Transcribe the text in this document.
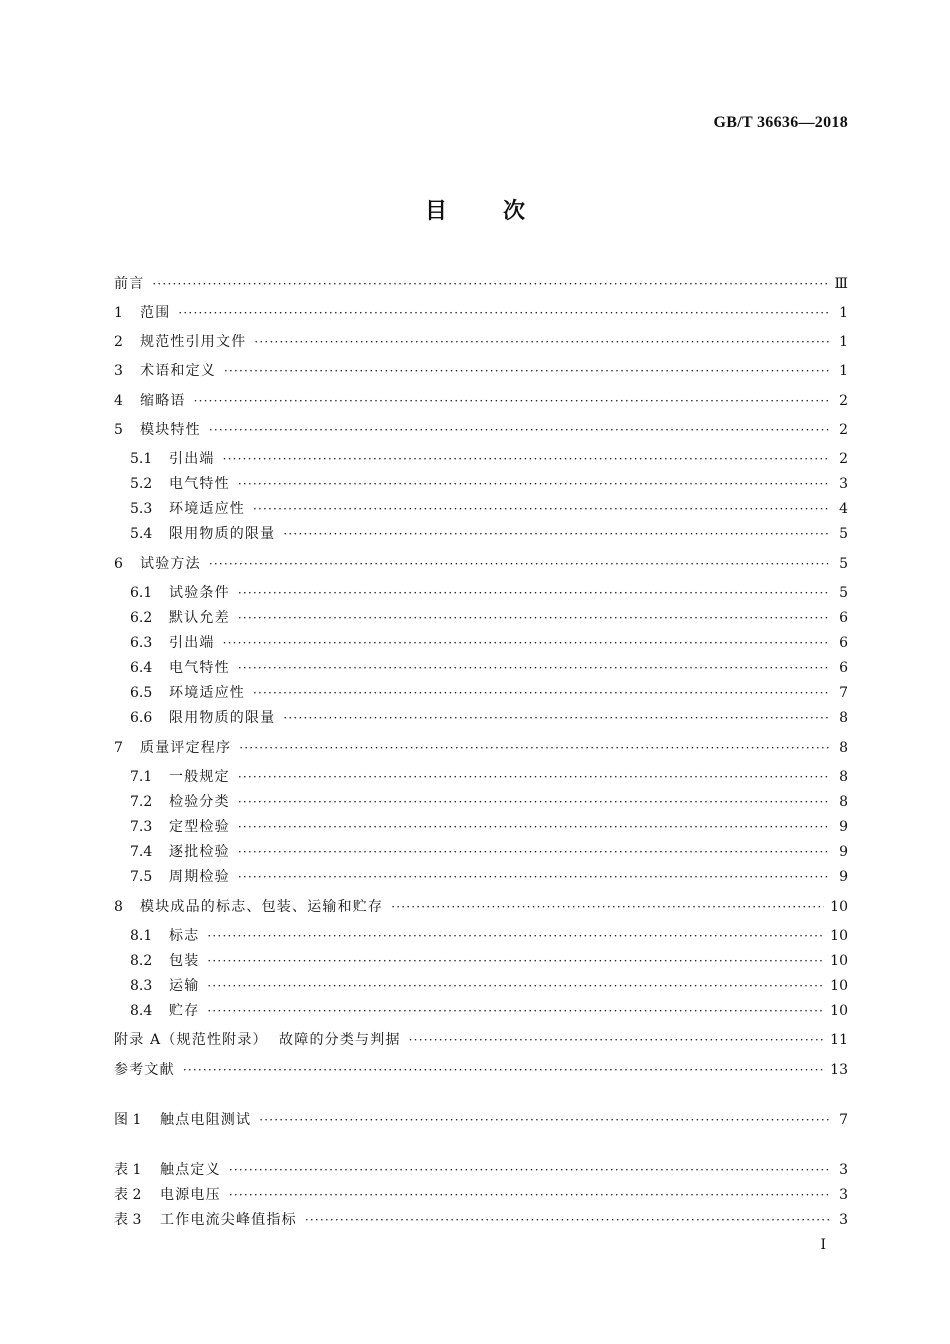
GB/T 36636—2018
目次
前言 ·····	Ⅲ
1	范围 ·····	1
2	规范性引用文件 ·····	1
3	术语和定义 ·····	1
4	缩略语 ·····	2
5	模块特性 ·····	2
5.1	引出端 ·····	2
5.2	电气特性 ·····	3
5.3	环境适应性 ·····	4
5.4	限用物质的限量 ·····	5
6	试验方法 ·····	5
6.1	试验条件 ·····	5
6.2	默认允差 ·····	6
6.3	引出端 ·····	6
6.4	电气特性 ·····	6
6.5	环境适应性 ·····	7
6.6	限用物质的限量 ·····	8
7	质量评定程序 ·····	8
7.1	一般规定 ·····	8
7.2	检验分类 ·····	8
7.3	定型检验 ·····	9
7.4	逐批检验 ·····	9
7.5	周期检验 ·····	9
8	模块成品的标志、包装、运输和贮存 ·····	10
8.1	标志 ·····	10
8.2	包装 ·····	10
8.3	运输 ·····	10
8.4	贮存 ·····	10
附录 A（规范性附录）  故障的分类与判据 ·····	11
参考文献 ·····	13
图 1	触点电阻测试 ·····	7
表 1	触点定义 ·····	3
表 2	电源电压 ·····	3
表 3	工作电流尖峰值指标 ·····	3
I
